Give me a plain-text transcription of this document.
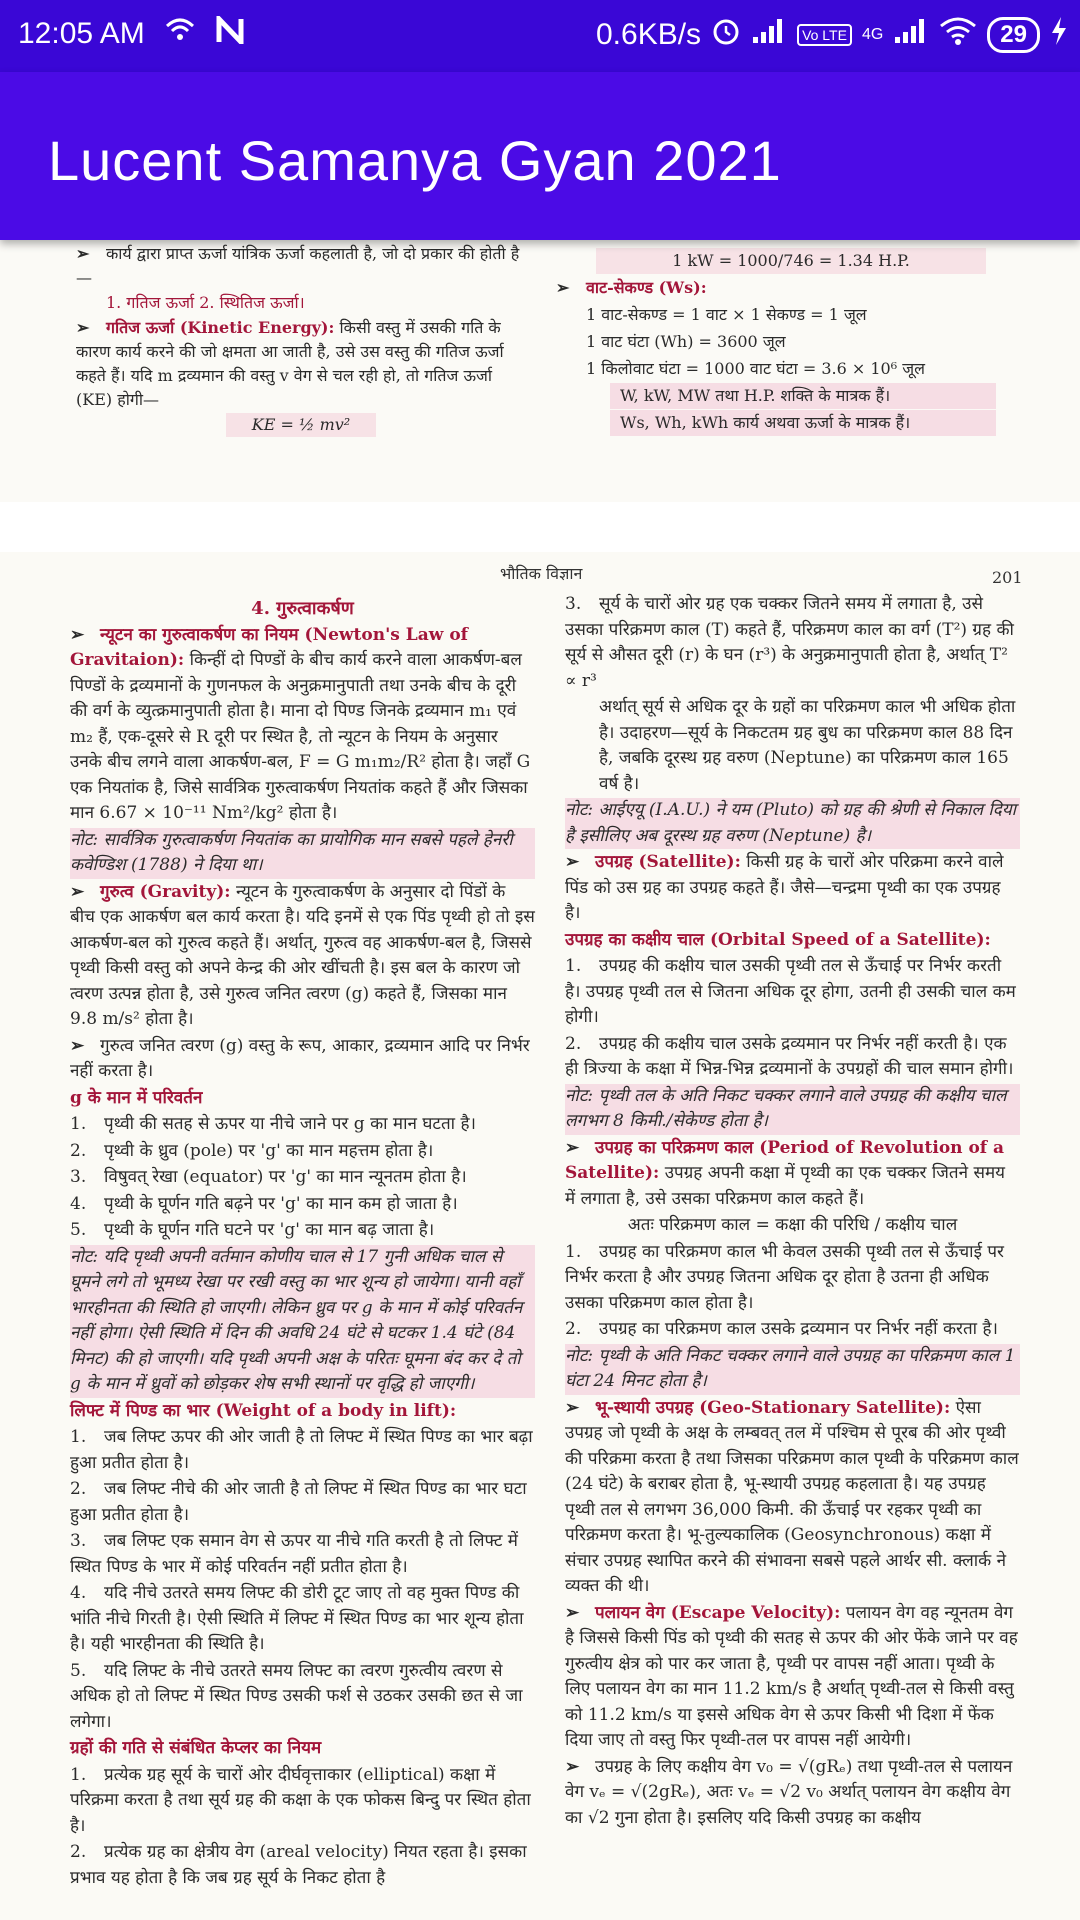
12:05 AM	0.6KB/s	Vo LTE 4G	29
Lucent Samanya Gyan 2021

➢ कार्य द्वारा प्राप्त ऊर्जा यांत्रिक ऊर्जा कहलाती है, जो दो प्रकार की होती है—

1. गतिज ऊर्जा 2. स्थितिज ऊर्जा।

➢ गतिज ऊर्जा (Kinetic Energy): किसी वस्तु में उसकी गति के कारण कार्य करने की जो क्षमता आ जाती है, उसे उस वस्तु की गतिज ऊर्जा कहते हैं। यदि m द्रव्यमान की वस्तु v वेग से चल रही हो, तो गतिज ऊर्जा (KE) होगी—

KE = ½ mv²

1 kW = 1000/746 = 1.34 H.P.

➢ वाट-सेकण्ड (Ws):

1 वाट-सेकण्ड = 1 वाट × 1 सेकण्ड = 1 जूल

1 वाट घंटा (Wh) = 3600 जूल

1 किलोवाट घंटा = 1000 वाट घंटा = 3.6 × 10⁶ जूल

W, kW, MW तथा H.P. शक्ति के मात्रक हैं।

Ws, Wh, kWh कार्य अथवा ऊर्जा के मात्रक हैं।

भौतिक विज्ञान	201

4. गुरुत्वाकर्षण

➢ न्यूटन का गुरुत्वाकर्षण का नियम (Newton's Law of Gravitaion): किन्हीं दो पिण्डों के बीच कार्य करने वाला आकर्षण-बल पिण्डों के द्रव्यमानों के गुणनफल के अनुक्रमानुपाती तथा उनके बीच के दूरी की वर्ग के व्युत्क्रमानुपाती होता है। माना दो पिण्ड जिनके द्रव्यमान m₁ एवं m₂ हैं, एक-दूसरे से R दूरी पर स्थित है, तो न्यूटन के नियम के अनुसार उनके बीच लगने वाला आकर्षण-बल, F = G m₁m₂/R² होता है। जहाँ G एक नियतांक है, जिसे सार्वत्रिक गुरुत्वाकर्षण नियतांक कहते हैं और जिसका मान 6.67 × 10⁻¹¹ Nm²/kg² होता है।

नोट: सार्वत्रिक गुरुत्वाकर्षण नियतांक का प्रायोगिक मान सबसे पहले हेनरी कवेण्डिश (1788) ने दिया था।

➢ गुरुत्व (Gravity): न्यूटन के गुरुत्वाकर्षण के अनुसार दो पिंडों के बीच एक आकर्षण बल कार्य करता है। यदि इनमें से एक पिंड पृथ्वी हो तो इस आकर्षण-बल को गुरुत्व कहते हैं। अर्थात्, गुरुत्व वह आकर्षण-बल है, जिससे पृथ्वी किसी वस्तु को अपने केन्द्र की ओर खींचती है। इस बल के कारण जो त्वरण उत्पन्न होता है, उसे गुरुत्व जनित त्वरण (g) कहते हैं, जिसका मान 9.8 m/s² होता है।

➢ गुरुत्व जनित त्वरण (g) वस्तु के रूप, आकार, द्रव्यमान आदि पर निर्भर नहीं करता है।

g के मान में परिवर्तन

1. पृथ्वी की सतह से ऊपर या नीचे जाने पर g का मान घटता है।

2. पृथ्वी के ध्रुव (pole) पर 'g' का मान महत्तम होता है।

3. विषुवत् रेखा (equator) पर 'g' का मान न्यूनतम होता है।

4. पृथ्वी के घूर्णन गति बढ़ने पर 'g' का मान कम हो जाता है।

5. पृथ्वी के घूर्णन गति घटने पर 'g' का मान बढ़ जाता है।

नोट: यदि पृथ्वी अपनी वर्तमान कोणीय चाल से 17 गुनी अधिक चाल से घूमने लगे तो भूमध्य रेखा पर रखी वस्तु का भार शून्य हो जायेगा। यानी वहाँ भारहीनता की स्थिति हो जाएगी। लेकिन ध्रुव पर g के मान में कोई परिवर्तन नहीं होगा। ऐसी स्थिति में दिन की अवधि 24 घंटे से घटकर 1.4 घंटे (84 मिनट) की हो जाएगी। यदि पृथ्वी अपनी अक्ष के परितः घूमना बंद कर दे तो g के मान में ध्रुवों को छोड़कर शेष सभी स्थानों पर वृद्धि हो जाएगी।

लिफ्ट में पिण्ड का भार (Weight of a body in lift):

1. जब लिफ्ट ऊपर की ओर जाती है तो लिफ्ट में स्थित पिण्ड का भार बढ़ा हुआ प्रतीत होता है।

2. जब लिफ्ट नीचे की ओर जाती है तो लिफ्ट में स्थित पिण्ड का भार घटा हुआ प्रतीत होता है।

3. जब लिफ्ट एक समान वेग से ऊपर या नीचे गति करती है तो लिफ्ट में स्थित पिण्ड के भार में कोई परिवर्तन नहीं प्रतीत होता है।

4. यदि नीचे उतरते समय लिफ्ट की डोरी टूट जाए तो वह मुक्त पिण्ड की भांति नीचे गिरती है। ऐसी स्थिति में लिफ्ट में स्थित पिण्ड का भार शून्य होता है। यही भारहीनता की स्थिति है।

5. यदि लिफ्ट के नीचे उतरते समय लिफ्ट का त्वरण गुरुत्वीय त्वरण से अधिक हो तो लिफ्ट में स्थित पिण्ड उसकी फर्श से उठकर उसकी छत से जा लगेगा।

ग्रहों की गति से संबंधित केप्लर का नियम

1. प्रत्येक ग्रह सूर्य के चारों ओर दीर्घवृत्ताकार (elliptical) कक्षा में परिक्रमा करता है तथा सूर्य ग्रह की कक्षा के एक फोकस बिन्दु पर स्थित होता है।

2. प्रत्येक ग्रह का क्षेत्रीय वेग (areal velocity) नियत रहता है। इसका प्रभाव यह होता है कि जब ग्रह सूर्य के निकट होता है

3. सूर्य के चारों ओर ग्रह एक चक्कर जितने समय में लगाता है, उसे उसका परिक्रमण काल (T) कहते हैं, परिक्रमण काल का वर्ग (T²) ग्रह की सूर्य से औसत दूरी (r) के घन (r³) के अनुक्रमानुपाती होता है, अर्थात् T² ∝ r³

अर्थात् सूर्य से अधिक दूर के ग्रहों का परिक्रमण काल भी अधिक होता है। उदाहरण—सूर्य के निकटतम ग्रह बुध का परिक्रमण काल 88 दिन है, जबकि दूरस्थ ग्रह वरुण (Neptune) का परिक्रमण काल 165 वर्ष है।

नोट: आईएयू (I.A.U.) ने यम (Pluto) को ग्रह की श्रेणी से निकाल दिया है इसीलिए अब दूरस्थ ग्रह वरुण (Neptune) है।

➢ उपग्रह (Satellite): किसी ग्रह के चारों ओर परिक्रमा करने वाले पिंड को उस ग्रह का उपग्रह कहते हैं। जैसे—चन्द्रमा पृथ्वी का एक उपग्रह है।

उपग्रह का कक्षीय चाल (Orbital Speed of a Satellite):

1. उपग्रह की कक्षीय चाल उसकी पृथ्वी तल से ऊँचाई पर निर्भर करती है। उपग्रह पृथ्वी तल से जितना अधिक दूर होगा, उतनी ही उसकी चाल कम होगी।

2. उपग्रह की कक्षीय चाल उसके द्रव्यमान पर निर्भर नहीं करती है। एक ही त्रिज्या के कक्षा में भिन्न-भिन्न द्रव्यमानों के उपग्रहों की चाल समान होगी।

नोट: पृथ्वी तल के अति निकट चक्कर लगाने वाले उपग्रह की कक्षीय चाल लगभग 8 किमी./सेकेण्ड होता है।

➢ उपग्रह का परिक्रमण काल (Period of Revolution of a Satellite): उपग्रह अपनी कक्षा में पृथ्वी का एक चक्कर जितने समय में लगाता है, उसे उसका परिक्रमण काल कहते हैं।

अतः परिक्रमण काल = कक्षा की परिधि / कक्षीय चाल

1. उपग्रह का परिक्रमण काल भी केवल उसकी पृथ्वी तल से ऊँचाई पर निर्भर करता है और उपग्रह जितना अधिक दूर होता है उतना ही अधिक उसका परिक्रमण काल होता है।

2. उपग्रह का परिक्रमण काल उसके द्रव्यमान पर निर्भर नहीं करता है।

नोट: पृथ्वी के अति निकट चक्कर लगाने वाले उपग्रह का परिक्रमण काल 1 घंटा 24 मिनट होता है।

➢ भू-स्थायी उपग्रह (Geo-Stationary Satellite): ऐसा उपग्रह जो पृथ्वी के अक्ष के लम्बवत् तल में पश्चिम से पूरब की ओर पृथ्वी की परिक्रमा करता है तथा जिसका परिक्रमण काल पृथ्वी के परिक्रमण काल (24 घंटे) के बराबर होता है, भू-स्थायी उपग्रह कहलाता है। यह उपग्रह पृथ्वी तल से लगभग 36,000 किमी. की ऊँचाई पर रहकर पृथ्वी का परिक्रमण करता है। भू-तुल्यकालिक (Geosynchronous) कक्षा में संचार उपग्रह स्थापित करने की संभावना सबसे पहले आर्थर सी. क्लार्क ने व्यक्त की थी।

➢ पलायन वेग (Escape Velocity): पलायन वेग वह न्यूनतम वेग है जिससे किसी पिंड को पृथ्वी की सतह से ऊपर की ओर फेंके जाने पर वह गुरुत्वीय क्षेत्र को पार कर जाता है, पृथ्वी पर वापस नहीं आता। पृथ्वी के लिए पलायन वेग का मान 11.2 km/s है अर्थात् पृथ्वी-तल से किसी वस्तु को 11.2 km/s या इससे अधिक वेग से ऊपर किसी भी दिशा में फेंक दिया जाए तो वस्तु फिर पृथ्वी-तल पर वापस नहीं आयेगी।

➢ उपग्रह के लिए कक्षीय वेग v₀ = √(gRₑ) तथा पृथ्वी-तल से पलायन वेग vₑ = √(2gRₑ), अतः vₑ = √2 v₀ अर्थात् पलायन वेग कक्षीय वेग का √2 गुना होता है। इसलिए यदि किसी उपग्रह का कक्षीय
